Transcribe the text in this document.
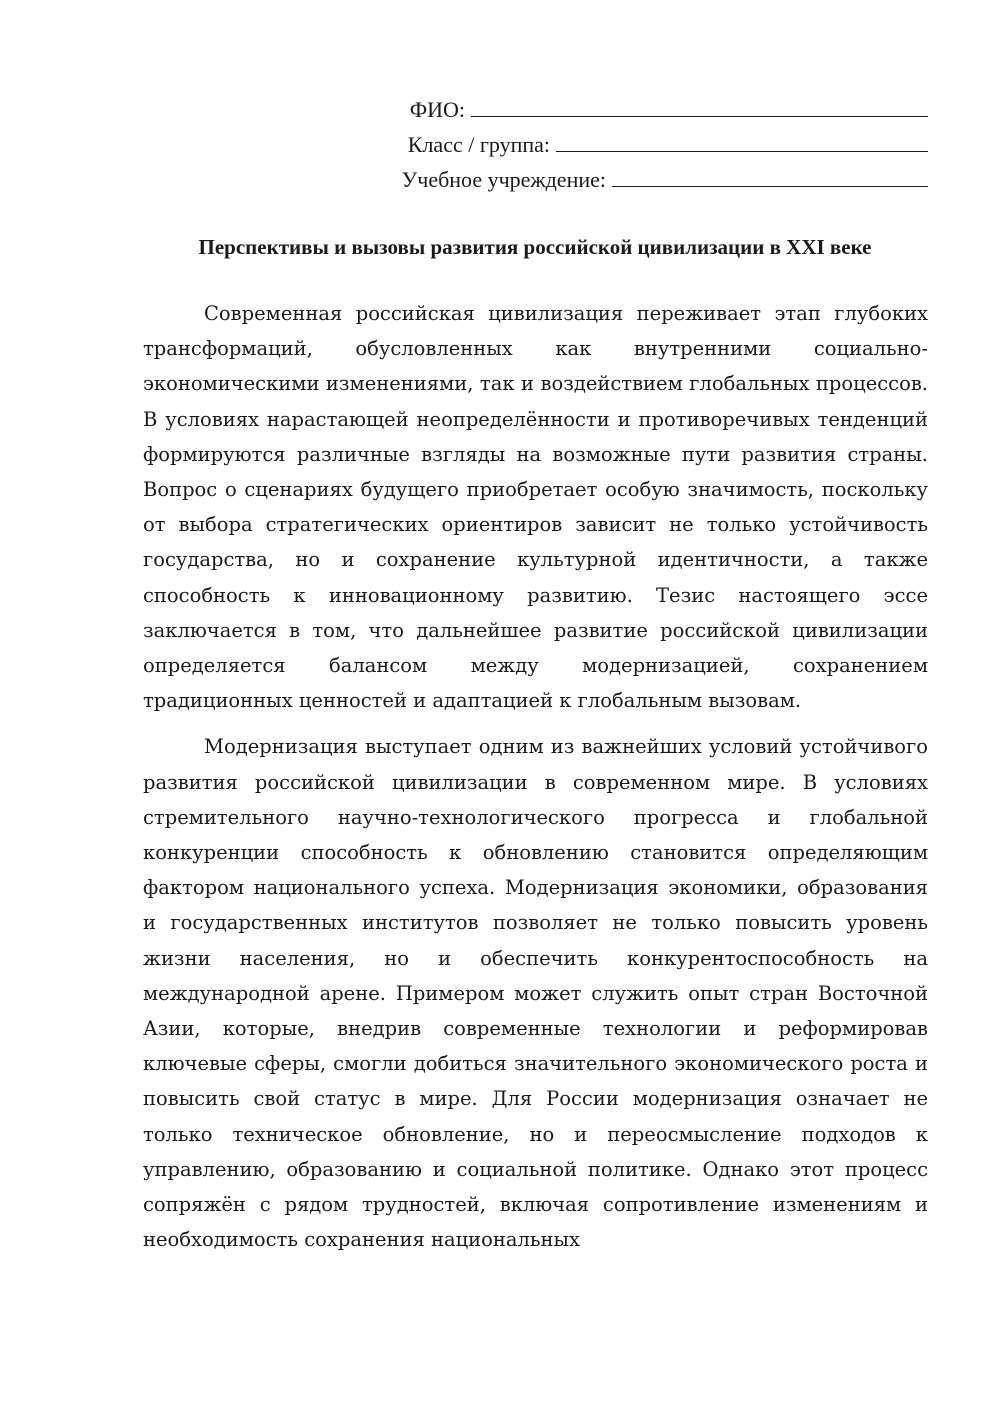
ФИО:
Класс / группа:
Учебное учреждение:
Перспективы и вызовы развития российской цивилизации в XXI веке

Современная российская цивилизация переживает этап глубоких трансформаций, обусловленных как внутренними социально-экономическими изменениями, так и воздействием глобальных процессов. В условиях нарастающей неопределённости и противоречивых тенденций формируются различные взгляды на возможные пути развития страны. Вопрос о сценариях будущего приобретает особую значимость, поскольку от выбора стратегических ориентиров зависит не только устойчивость государства, но и сохранение культурной идентичности, а также способность к инновационному развитию. Тезис настоящего эссе заключается в том, что дальнейшее развитие российской цивилизации определяется балансом между модернизацией, сохранением традиционных ценностей и адаптацией к глобальным вызовам.

Модернизация выступает одним из важнейших условий устойчивого развития российской цивилизации в современном мире. В условиях стремительного научно-технологического прогресса и глобальной конкуренции способность к обновлению становится определяющим фактором национального успеха. Модернизация экономики, образования и государственных институтов позволяет не только повысить уровень жизни населения, но и обеспечить конкурентоспособность на международной арене. Примером может служить опыт стран Восточной Азии, которые, внедрив современные технологии и реформировав ключевые сферы, смогли добиться значительного экономического роста и повысить свой статус в мире. Для России модернизация означает не только техническое обновление, но и переосмысление подходов к управлению, образованию и социальной политике. Однако этот процесс сопряжён с рядом трудностей, включая сопротивление изменениям и необходимость сохранения национальных
